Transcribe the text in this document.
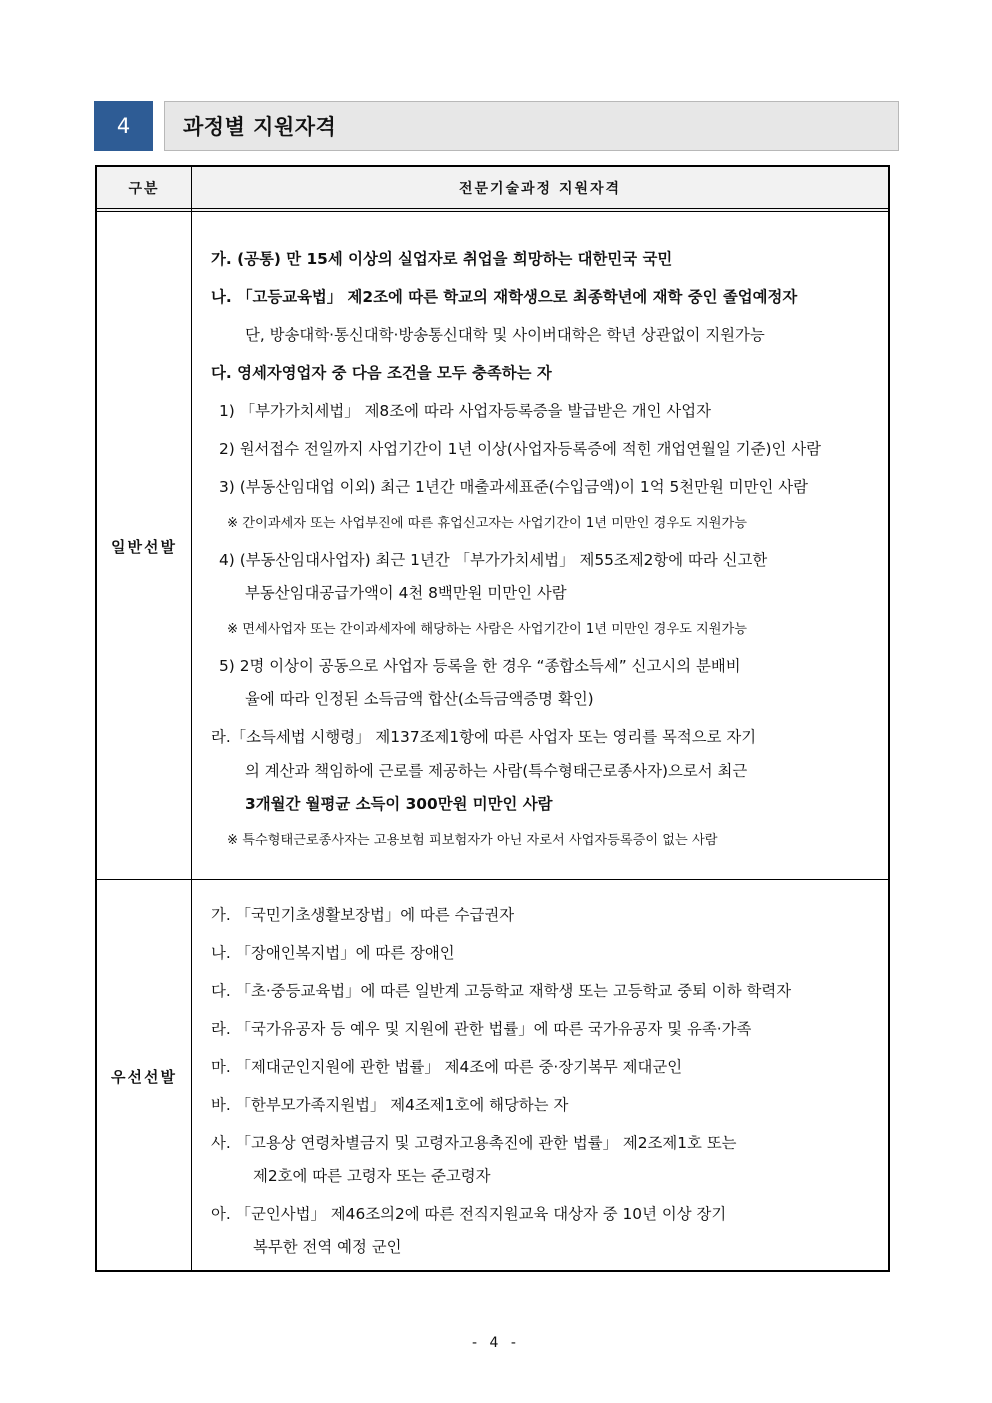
4	과정별 지원자격
구분	전문기술과정 지원자격
일반선발
우선선발
가. (공통) 만 15세 이상의 실업자로 취업을 희망하는 대한민국 국민
나. 「고등교육법」 제2조에 따른 학교의 재학생으로 최종학년에 재학 중인 졸업예정자
단, 방송대학·통신대학·방송통신대학 및 사이버대학은 학년 상관없이 지원가능
다. 영세자영업자 중 다음 조건을 모두 충족하는 자
1) 「부가가치세법」 제8조에 따라 사업자등록증을 발급받은 개인 사업자
2) 원서접수 전일까지 사업기간이 1년 이상(사업자등록증에 적힌 개업연월일 기준)인 사람
3) (부동산임대업 이외) 최근 1년간 매출과세표준(수입금액)이 1억 5천만원 미만인 사람
※ 간이과세자 또는 사업부진에 따른 휴업신고자는 사업기간이 1년 미만인 경우도 지원가능
4) (부동산임대사업자) 최근 1년간 「부가가치세법」 제55조제2항에 따라 신고한
부동산임대공급가액이 4천 8백만원 미만인 사람
※ 면세사업자 또는 간이과세자에 해당하는 사람은 사업기간이 1년 미만인 경우도 지원가능
5) 2명 이상이 공동으로 사업자 등록을 한 경우 “종합소득세” 신고시의 분배비
율에 따라 인정된 소득금액 합산(소득금액증명 확인)
라.「소득세법 시행령」 제137조제1항에 따른 사업자 또는 영리를 목적으로 자기
의 계산과 책임하에 근로를 제공하는 사람(특수형태근로종사자)으로서 최근
3개월간 월평균 소득이 300만원 미만인 사람
※ 특수형태근로종사자는 고용보험 피보험자가 아닌 자로서 사업자등록증이 없는 사람
가. 「국민기초생활보장법」에 따른 수급권자
나. 「장애인복지법」에 따른 장애인
다. 「초·중등교육법」에 따른 일반계 고등학교 재학생 또는 고등학교 중퇴 이하 학력자
라. 「국가유공자 등 예우 및 지원에 관한 법률」에 따른 국가유공자 및 유족·가족
마. 「제대군인지원에 관한 법률」 제4조에 따른 중·장기복무 제대군인
바. 「한부모가족지원법」 제4조제1호에 해당하는 자
사. 「고용상 연령차별금지 및 고령자고용촉진에 관한 법률」 제2조제1호 또는
제2호에 따른 고령자 또는 준고령자
아. 「군인사법」 제46조의2에 따른 전직지원교육 대상자 중 10년 이상 장기
복무한 전역 예정 군인
- 4 -
